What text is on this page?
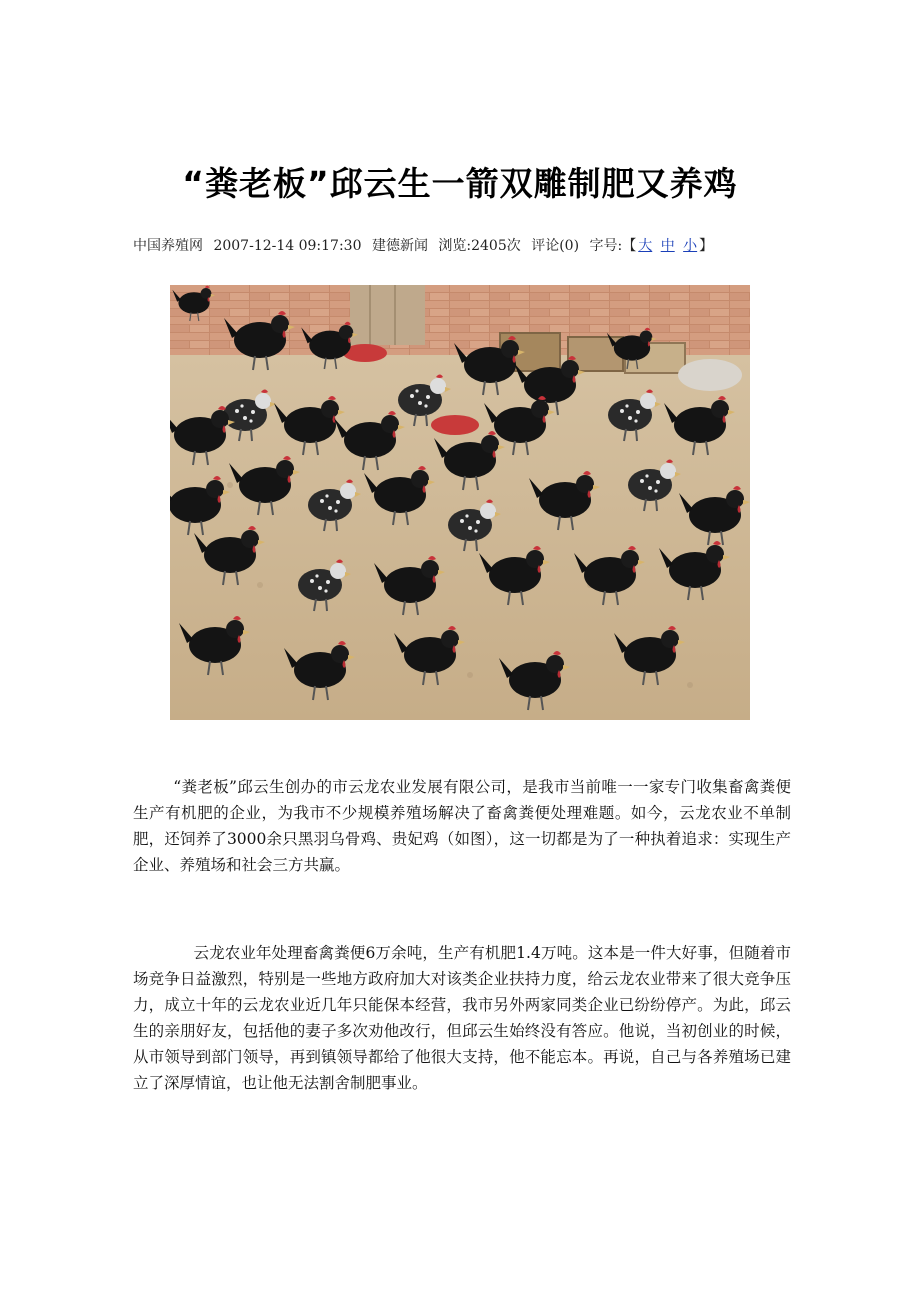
“粪老板”邱云生一箭双雕制肥又养鸡
中国养殖网 2007-12-14 09:17:30 建德新闻 浏览:2405次 评论(0) 字号:【 大 中 小 】
“粪老板”邱云生创办的市云龙农业发展有限公司，是我市当前唯一一家专门收集畜禽粪便生产有机肥的企业，为我市不少规模养殖场解决了畜禽粪便处理难题。如今，云龙农业不单制肥，还饲养了3000余只黑羽乌骨鸡、贵妃鸡（如图），这一切都是为了一种执着追求：实现生产企业、养殖场和社会三方共赢。
云龙农业年处理畜禽粪便6万余吨，生产有机肥1.4万吨。这本是一件大好事，但随着市场竞争日益激烈，特别是一些地方政府加大对该类企业扶持力度，给云龙农业带来了很大竞争压力，成立十年的云龙农业近几年只能保本经营，我市另外两家同类企业已纷纷停产。为此，邱云生的亲朋好友，包括他的妻子多次劝他改行，但邱云生始终没有答应。他说，当初创业的时候，从市领导到部门领导，再到镇领导都给了他很大支持，他不能忘本。再说，自己与各养殖场已建立了深厚情谊，也让他无法割舍制肥事业。
